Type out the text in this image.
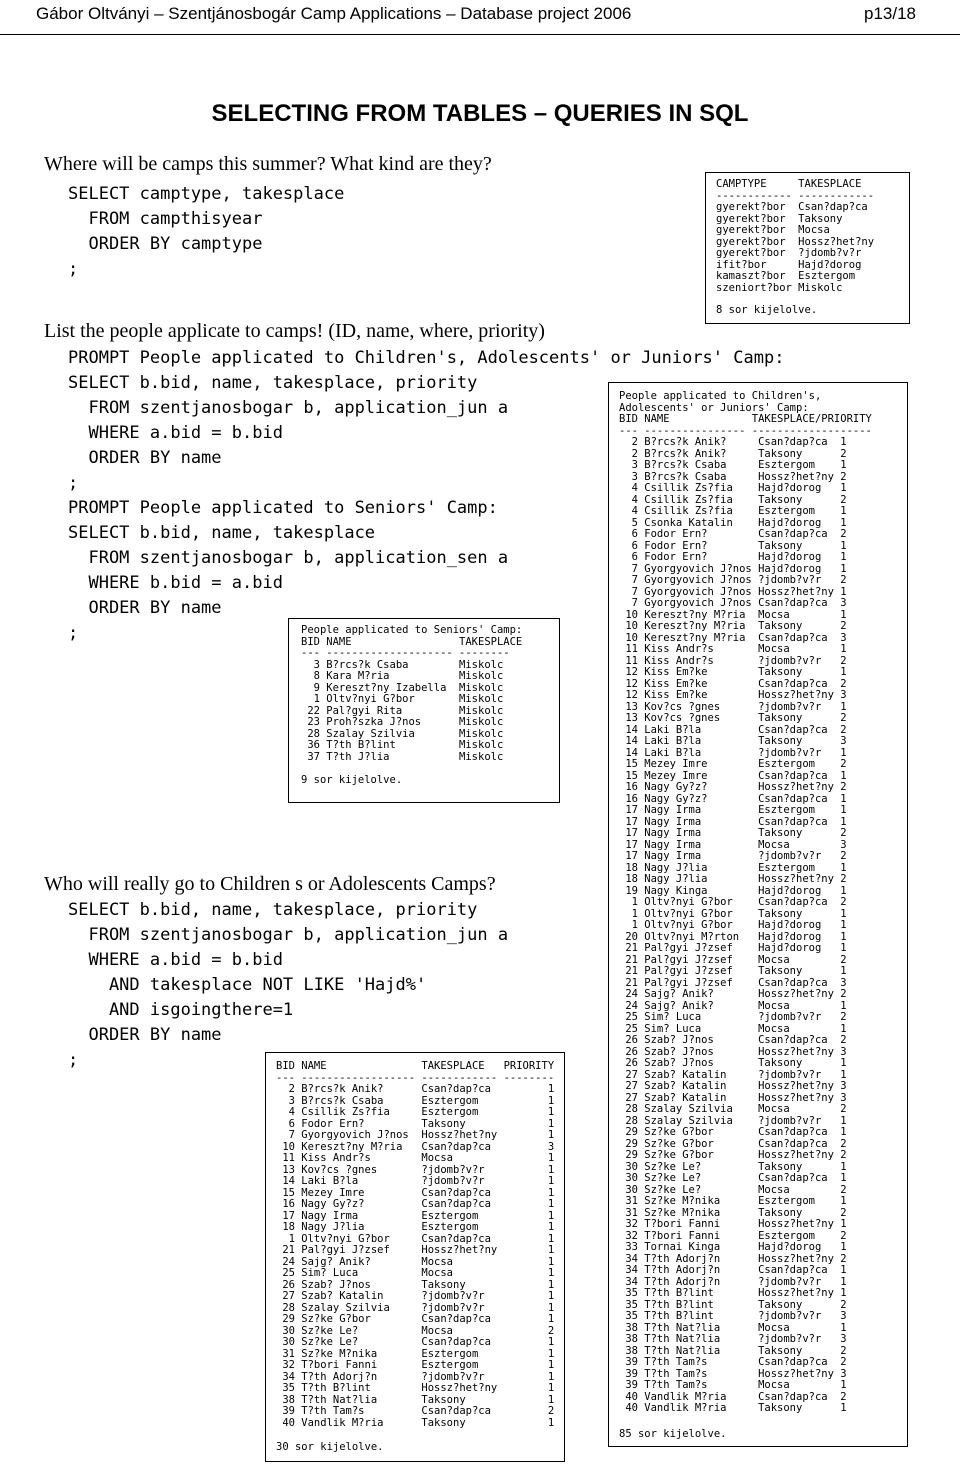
Gábor Oltványi – Szentjánosbogár Camp Applications – Database project 2006	p13/18
SELECTING FROM TABLES – QUERIES IN SQL
Where will be camps this summer? What kind are they?
SELECT camptype, takesplace
FROM campthisyear
ORDER BY camptype
;
CAMPTYPE     TAKESPLACE
------------ ------------
gyerekt?bor  Csan?dap?ca
gyerekt?bor  Taksony
gyerekt?bor  Mocsa
gyerekt?bor  Hossz?het?ny
gyerekt?bor  ?jdomb?v?r
ifit?bor     Hajd?dorog
kamaszt?bor  Esztergom
szeniort?bor Miskolc
8 sor kijelolve.
List the people applicate to camps! (ID, name, where, priority)
PROMPT People applicated to Children's, Adolescents' or Juniors' Camp:
SELECT b.bid, name, takesplace, priority
FROM szentjanosbogar b, application_jun a
WHERE a.bid = b.bid
ORDER BY name
;
PROMPT People applicated to Seniors' Camp:
SELECT b.bid, name, takesplace
FROM szentjanosbogar b, application_sen a
WHERE b.bid = a.bid
ORDER BY name
;
People applicated to Children's,
Adolescents' or Juniors' Camp:
BID NAME             TAKESPLACE/PRIORITY
--- ---------------- -------------------
2 B?rcs?k Anik?     Csan?dap?ca  1
2 B?rcs?k Anik?     Taksony      2
3 B?rcs?k Csaba     Esztergom    1
3 B?rcs?k Csaba     Hossz?het?ny 2
4 Csillik Zs?fia    Hajd?dorog   1
4 Csillik Zs?fia    Taksony      2
4 Csillik Zs?fia    Esztergom    1
5 Csonka Katalin    Hajd?dorog   1
6 Fodor Ern?        Csan?dap?ca  2
6 Fodor Ern?        Taksony      1
6 Fodor Ern?        Hajd?dorog   1
7 Gyorgyovich J?nos Hajd?dorog   1
7 Gyorgyovich J?nos ?jdomb?v?r   2
7 Gyorgyovich J?nos Hossz?het?ny 1
7 Gyorgyovich J?nos Csan?dap?ca  3
10 Kereszt?ny M?ria  Mocsa        1
10 Kereszt?ny M?ria  Taksony      2
10 Kereszt?ny M?ria  Csan?dap?ca  3
11 Kiss Andr?s       Mocsa        1
11 Kiss Andr?s       ?jdomb?v?r   2
12 Kiss Em?ke        Taksony      1
12 Kiss Em?ke        Csan?dap?ca  2
12 Kiss Em?ke        Hossz?het?ny 3
13 Kov?cs ?gnes      ?jdomb?v?r   1
13 Kov?cs ?gnes      Taksony      2
14 Laki B?la         Csan?dap?ca  2
14 Laki B?la         Taksony      3
14 Laki B?la         ?jdomb?v?r   1
15 Mezey Imre        Esztergom    2
15 Mezey Imre        Csan?dap?ca  1
16 Nagy Gy?z?        Hossz?het?ny 2
16 Nagy Gy?z?        Csan?dap?ca  1
17 Nagy Irma         Esztergom    1
17 Nagy Irma         Csan?dap?ca  1
17 Nagy Irma         Taksony      2
17 Nagy Irma         Mocsa        3
17 Nagy Irma         ?jdomb?v?r   2
18 Nagy J?lia        Esztergom    1
18 Nagy J?lia        Hossz?het?ny 2
19 Nagy Kinga        Hajd?dorog   1
1 Oltv?nyi G?bor    Csan?dap?ca  2
1 Oltv?nyi G?bor    Taksony      1
1 Oltv?nyi G?bor    Hajd?dorog   1
20 Oltv?nyi M?rton   Hajd?dorog   1
21 Pal?gyi J?zsef    Hajd?dorog   1
21 Pal?gyi J?zsef    Mocsa        2
21 Pal?gyi J?zsef    Taksony      1
21 Pal?gyi J?zsef    Csan?dap?ca  3
24 Sajg? Anik?       Hossz?het?ny 2
24 Sajg? Anik?       Mocsa        1
25 Sim? Luca         ?jdomb?v?r   2
25 Sim? Luca         Mocsa        1
26 Szab? J?nos       Csan?dap?ca  2
26 Szab? J?nos       Hossz?het?ny 3
26 Szab? J?nos       Taksony      1
27 Szab? Katalin     ?jdomb?v?r   1
27 Szab? Katalin     Hossz?het?ny 3
27 Szab? Katalin     Hossz?het?ny 3
28 Szalay Szilvia    Mocsa        2
28 Szalay Szilvia    ?jdomb?v?r   1
29 Sz?ke G?bor       Csan?dap?ca  1
29 Sz?ke G?bor       Csan?dap?ca  2
29 Sz?ke G?bor       Hossz?het?ny 2
30 Sz?ke Le?         Taksony      1
30 Sz?ke Le?         Csan?dap?ca  1
30 Sz?ke Le?         Mocsa        2
31 Sz?ke M?nika      Esztergom    1
31 Sz?ke M?nika      Taksony      2
32 T?bori Fanni      Hossz?het?ny 1
32 T?bori Fanni      Esztergom    2
33 Tornai Kinga      Hajd?dorog   1
34 T?th Adorj?n      Hossz?het?ny 2
34 T?th Adorj?n      Csan?dap?ca  1
34 T?th Adorj?n      ?jdomb?v?r   1
35 T?th B?lint       Hossz?het?ny 1
35 T?th B?lint       Taksony      2
35 T?th B?lint       ?jdomb?v?r   3
38 T?th Nat?lia      Mocsa        1
38 T?th Nat?lia      ?jdomb?v?r   3
38 T?th Nat?lia      Taksony      2
39 T?th Tam?s        Csan?dap?ca  2
39 T?th Tam?s        Hossz?het?ny 3
39 T?th Tam?s        Mocsa        1
40 Vandlik M?ria     Csan?dap?ca  2
40 Vandlik M?ria     Taksony      1
85 sor kijelolve.
People applicated to Seniors' Camp:
BID NAME                 TAKESPLACE
--- -------------------- --------
3 B?rcs?k Csaba        Miskolc
8 Kara M?ria           Miskolc
9 Kereszt?ny Izabella  Miskolc
1 Oltv?nyi G?bor       Miskolc
22 Pal?gyi Rita         Miskolc
23 Proh?szka J?nos      Miskolc
28 Szalay Szilvia       Miskolc
36 T?th B?lint          Miskolc
37 T?th J?lia           Miskolc
9 sor kijelolve.
Who will really go to Children s or Adolescents Camps?
SELECT b.bid, name, takesplace, priority
FROM szentjanosbogar b, application_jun a
WHERE a.bid = b.bid
AND takesplace NOT LIKE 'Hajd%'
AND isgoingthere=1
ORDER BY name
;	BID NAME               TAKESPLACE   PRIORITY
--- ------------------ ------------ --------
2 B?rcs?k Anik?      Csan?dap?ca         1
3 B?rcs?k Csaba      Esztergom           1
4 Csillik Zs?fia     Esztergom           1
6 Fodor Ern?         Taksony             1
7 Gyorgyovich J?nos  Hossz?het?ny        1
10 Kereszt?ny M?ria   Csan?dap?ca         3
11 Kiss Andr?s        Mocsa               1
13 Kov?cs ?gnes       ?jdomb?v?r          1
14 Laki B?la          ?jdomb?v?r          1
15 Mezey Imre         Csan?dap?ca         1
16 Nagy Gy?z?         Csan?dap?ca         1
17 Nagy Irma          Esztergom           1
18 Nagy J?lia         Esztergom           1
1 Oltv?nyi G?bor     Csan?dap?ca         1
21 Pal?gyi J?zsef     Hossz?het?ny        1
24 Sajg? Anik?        Mocsa               1
25 Sim? Luca          Mocsa               1
26 Szab? J?nos        Taksony             1
27 Szab? Katalin      ?jdomb?v?r          1
28 Szalay Szilvia     ?jdomb?v?r          1
29 Sz?ke G?bor        Csan?dap?ca         1
30 Sz?ke Le?          Mocsa               2
30 Sz?ke Le?          Csan?dap?ca         1
31 Sz?ke M?nika       Esztergom           1
32 T?bori Fanni       Esztergom           1
34 T?th Adorj?n       ?jdomb?v?r          1
35 T?th B?lint        Hossz?het?ny        1
38 T?th Nat?lia       Taksony             1
39 T?th Tam?s         Csan?dap?ca         2
40 Vandlik M?ria      Taksony             1
30 sor kijelolve.
